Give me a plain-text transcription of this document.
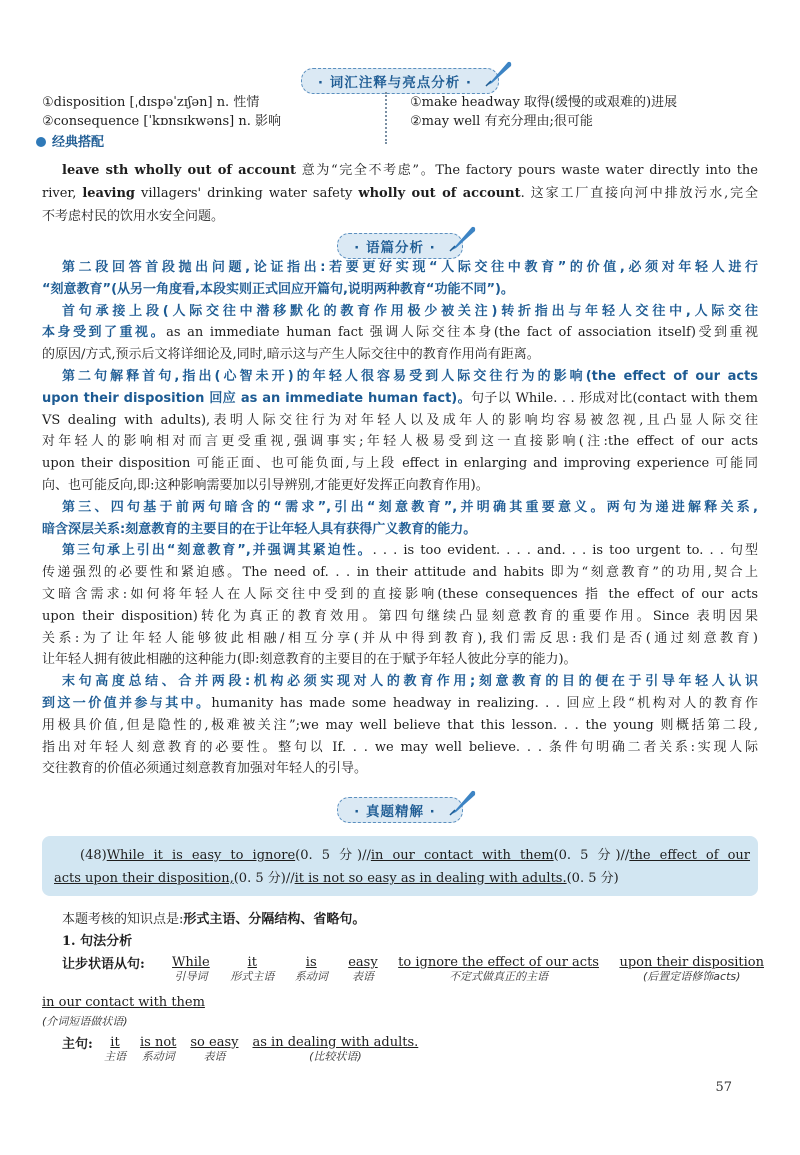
· 词汇注释与亮点分析 ·
①disposition [ˌdɪspəˈzɪʃən] n. 性情
②consequence [ˈkɒnsɪkwəns] n. 影响
①make headway 取得(缓慢的或艰难的)进展
②may well 有充分理由;很可能
经典搭配
leave sth wholly out of account 意为“完全不考虑”。The factory pours waste water directly into the
river, leaving villagers' drinking water safety wholly out of account. 这家工厂直接向河中排放污水,完全
不考虑村民的饮用水安全问题。
· 语篇分析 ·
第二段回答首段抛出问题,论证指出:若要更好实现“人际交往中教育”的价值,必须对年轻人进行
“刻意教育”(从另一角度看,本段实则正式回应开篇句,说明两种教育“功能不同”)。
首句承接上段(人际交往中潜移默化的教育作用极少被关注)转折指出与年轻人交往中,人际交往
本身受到了重视。as an immediate human fact 强调人际交往本身(the fact of association itself)受到重视
的原因/方式,预示后文将详细论及,同时,暗示这与产生人际交往中的教育作用尚有距离。
第二句解释首句,指出(心智未开)的年轻人很容易受到人际交往行为的影响(the effect of our acts
upon their disposition 回应 as an immediate human fact)。句子以 While. . . 形成对比(contact with them
VS dealing with adults),表明人际交往行为对年轻人以及成年人的影响均容易被忽视,且凸显人际交往
对年轻人的影响相对而言更受重视,强调事实;年轻人极易受到这一直接影响(注:the effect of our acts
upon their disposition 可能正面、也可能负面,与上段 effect in enlarging and improving experience 可能同
向、也可能反向,即:这种影响需要加以引导辨别,才能更好发挥正向教育作用)。
第三、四句基于前两句暗含的“需求”,引出“刻意教育”,并明确其重要意义。两句为递进解释关系,
暗含深层关系:刻意教育的主要目的在于让年轻人具有获得广义教育的能力。
第三句承上引出“刻意教育”,并强调其紧迫性。. . . is too evident. . . . and. . . is too urgent to. . . 句型
传递强烈的必要性和紧迫感。The need of. . . in their attitude and habits 即为“刻意教育”的功用,契合上
文暗含需求:如何将年轻人在人际交往中受到的直接影响(these consequences 指 the effect of our acts
upon their disposition)转化为真正的教育效用。第四句继续凸显刻意教育的重要作用。Since 表明因果
关系:为了让年轻人能够彼此相融/相互分享(并从中得到教育),我们需反思:我们是否(通过刻意教育)
让年轻人拥有彼此相融的这种能力(即:刻意教育的主要目的在于赋予年轻人彼此分享的能力)。
末句高度总结、合并两段:机构必须实现对人的教育作用;刻意教育的目的便在于引导年轻人认识
到这一价值并参与其中。humanity has made some headway in realizing. . . 回应上段“机构对人的教育作
用极具价值,但是隐性的,极难被关注”;we may well believe that this lesson. . . the young 则概括第二段,
指出对年轻人刻意教育的必要性。整句以 If. . . we may well believe. . . 条件句明确二者关系:实现人际
交往教育的价值必须通过刻意教育加强对年轻人的引导。
· 真题精解 ·
(48)While it is easy to ignore(0. 5 分)//in our contact with them(0. 5 分)//the effect of our
acts upon their disposition,(0. 5 分)//it is not so easy as in dealing with adults.(0. 5 分)
本题考核的知识点是:形式主语、分隔结构、省略句。
1. 句法分析
让步状语从句: While
引导词
it
形式主语
is
系动词
easy
表语
to ignore the effect of our acts
不定式做真正的主语
upon their disposition
(后置定语修饰acts)
in our contact with them
(介词短语做状语)
主句:	it
主语
is not
系动词
so easy
表语
as in dealing with adults.
(比较状语)
57
